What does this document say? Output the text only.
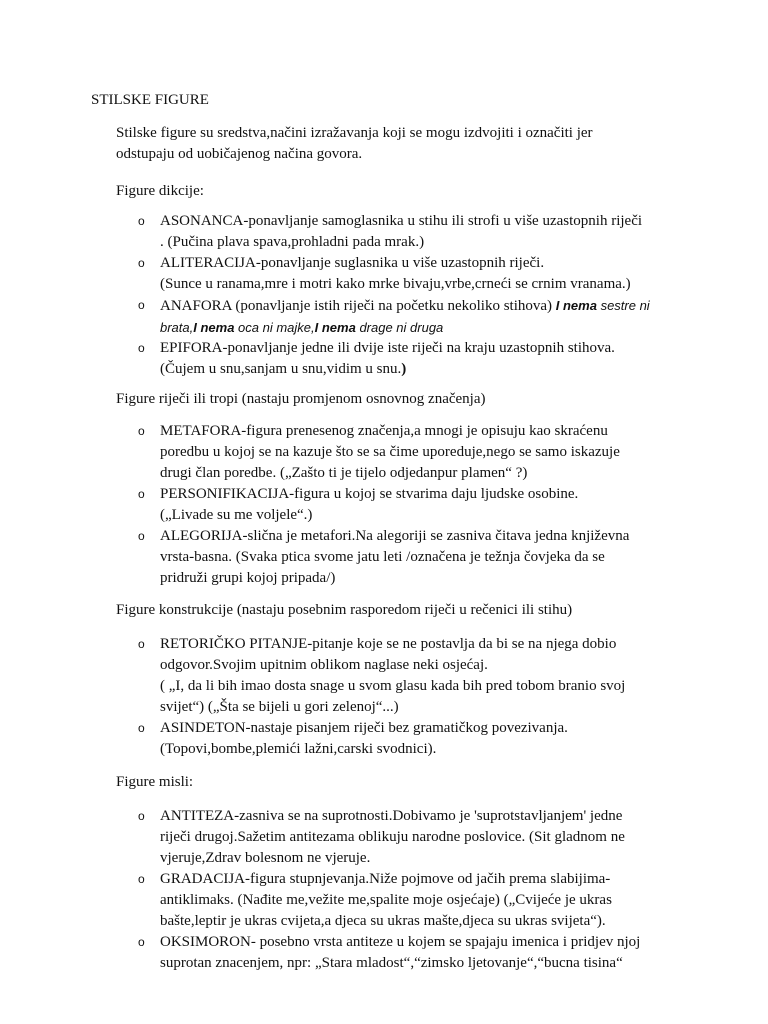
STILSKE FIGURE

Stilske figure su sredstva,načini izražavanja koji se mogu izdvojiti i označiti jer

odstupaju od uobičajenog načina govora.

Figure dikcije:
o ASONANCA-ponavljanje samoglasnika u stihu ili strofi u više uzastopnih riječi
. (Pučina plava spava,prohladni pada mrak.)
o ALITERACIJA-ponavljanje suglasnika u više uzastopnih riječi.
(Sunce u ranama,mre i motri kako mrke bivaju,vrbe,crneći se crnim vranama.)
o ANAFORA (ponavljanje istih riječi na početku nekoliko stihova) I nema sestre ni
brata,I nema oca ni majke,I nema drage ni druga
o EPIFORA-ponavljanje jedne ili dvije iste riječi na kraju uzastopnih stihova.
(Čujem u snu,sanjam u snu,vidim u snu.)
Figure riječi ili tropi (nastaju promjenom osnovnog značenja)
o METAFORA-figura prenesenog značenja,a mnogi je opisuju kao skraćenu
poredbu u kojoj se na kazuje što se sa čime uporeduje,nego se samo iskazuje
drugi član poredbe. („Zašto ti je tijelo odjedanpur plamen“ ?)
o PERSONIFIKACIJA-figura u kojoj se stvarima daju ljudske osobine.
(„Livade su me voljele“.)
o ALEGORIJA-slična je metafori.Na alegoriji se zasniva čitava jedna književna
vrsta-basna. (Svaka ptica svome jatu leti /označena je težnja čovjeka da se
pridruži grupi kojoj pripada/)
Figure konstrukcije (nastaju posebnim rasporedom riječi u rečenici ili stihu)
o RETORIČKO PITANJE-pitanje koje se ne postavlja da bi se na njega dobio
odgovor.Svojim upitnim oblikom naglase neki osjećaj.
( „I, da li bih imao dosta snage u svom glasu kada bih pred tobom branio svoj
svijet“) („Šta se bijeli u gori zelenoj“...)
o ASINDETON-nastaje pisanjem riječi bez gramatičkog povezivanja.
(Topovi,bombe,plemići lažni,carski svodnici).
Figure misli:
o ANTITEZA-zasniva se na suprotnosti.Dobivamo je 'suprotstavljanjem' jedne
riječi drugoj.Sažetim antitezama oblikuju narodne poslovice. (Sit gladnom ne
vjeruje,Zdrav bolesnom ne vjeruje.
o GRADACIJA-figura stupnjevanja.Niže pojmove od jačih prema slabijima-
antiklimaks. (Nađite me,vežite me,spalite moje osjećaje) („Cvijeće je ukras
bašte,leptir je ukras cvijeta,a djeca su ukras mašte,djeca su ukras svijeta“).
o OKSIMORON- posebno vrsta antiteze u kojem se spajaju imenica i pridjev njoj
suprotan znacenjem, npr: „Stara mladost“,“zimsko ljetovanje“,“bucna tisina“
